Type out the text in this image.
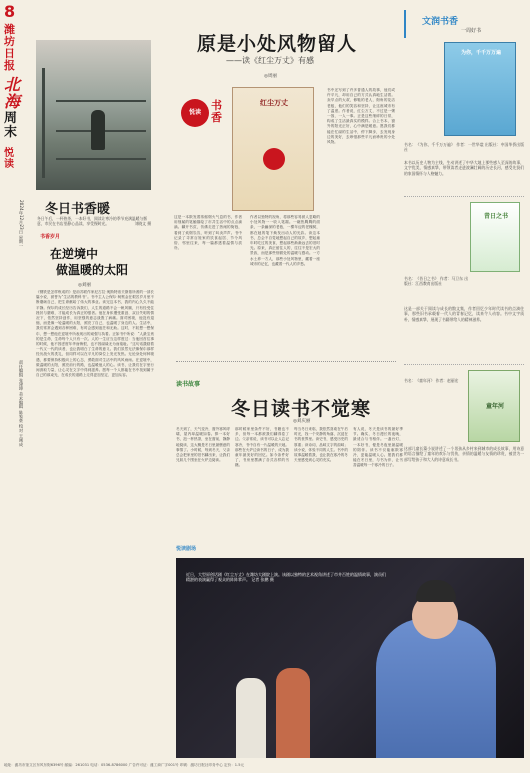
8
潍坊日报
北海
周末
悦读
2024年12月23日 星期一
责任编辑 张建坤 美术编辑 陈家豪 校对 王刚成
冬日书香暖
冬日午后，一杯热茶，一本好书，阅读让寒冷的季节充满温暖与惬意，市民在书店里静心品读，享受慢时光。	刘晓文 摄
书香岁月
在逆境中
做温暖的太阳
◎刘丽
《钢铁是怎样炼成的》是前苏联作家尼古拉·奥斯特洛夫斯基所著的一部长篇小说，被誉为“生活的教科书”。书中主人公保尔·柯察金在艰苦岁月里不断磨砺自己，把生命献给了伟大的事业。读完这本书，我的内心久久不能平静。保尔的成长经历告诉我们，人生的道路不会一帆风顺，只有经受住挫折与磨难，才能成长为真正的强者。他在身体遭受重创、双目失明的情况下，依然坚持创作，用坚强的意志战胜了病痛。面对困境，他没有退缩，而是像一轮温暖的太阳，照亮了自己，也温暖了身边的人。生活中，我们常常会遇到各种困难，有时会感到迷茫和无助。这时，不妨想一想保尔，想一想他在逆境中所表现出的顽强与执着。正如书中所说：“人最宝贵的是生命，生命每个人只有一次。人的一生应当这样度过：当他回首往事的时候，他不因虚度年华而悔恨，也不因碌碌无为而羞耻。”这句话激励着一代又一代的读者，也让我明白了生命的意义。我们虽然无法像保尔那样经历战火的洗礼，但同样可以在平凡的岗位上发光发热。无论身处何种境遇，都要保持积极向上的心态，勇敢面对生活中的风风雨雨。在逆境中，做温暖的太阳，照亮前行的路，也温暖他人的心。读书，让我们在字里行间汲取力量，让心灵在文字中得到滋养。愿每一个人都能在书中找到属于自己的那束光，在成长的道路上走得更加坚定、更加从容。
原是小处风物留人
——读《红尘万丈》有感
◎周丽
悦读
书香
这是一本散发着浓郁烟火气息的书，作者用细腻的笔触描绘了市井生活中的点点滴滴。翻开书页，仿佛走进了热闹的街巷，看到了炊烟袅袅，听到了叫卖声声。书中记录了寻常百姓家的饮食起居、节令风俗、邻里往来，每一篇都透着温情与质朴。
红尘万丈
作者以独特的视角，将那些容易被人忽略的小处风物一一收入笔端。一碗热腾腾的面条，一条幽深的老巷，一棵年迈的老槐树，都在她的笔下焕发出动人的光彩。读这本书，总会不自觉地想起自己的故乡，想起童年时吃过的美食，想起那些渐渐远去的旧时光。原来，真正留住人的，往往不是宏大的景致，而是那些细微处的温暖与感动。一方水土养一方人，那些小处风物里，藏着一座城市的记忆，也藏着一代人的乡愁。
书中还写到了许多普通人的故事，他们或许平凡，却用自己的方式认真地生活着。卖早点的大叔，修鞋的老人，街角的花店老板，他们的笑容和坚持，让这座城市有了温度。作者说，红尘万丈，不过是一粥一饭、一人一事。正是这些细碎的日常，构成了生活最真实的模样。合上书本，窗外的阳光正好，心中满是暖意。愿我们都能在忙碌的生活中，停下脚步，去发现身边的美好，去珍惜那些平凡而珍贵的小处风物。
文润书香
一周好书
为你，千千万万遍
书名：《为你，千千万万遍》 作者：一世华裳 出版社：中国华侨出版社
本书以历史人物为主线，生动讲述了中华大地上那些感人至深的故事，文字优美，情感真挚，带领读者走进波澜壮阔的历史长河，感受先贤们的家国情怀与人格魅力。
昔日之书
书名：《昔日之书》 作者：马卫东 出版社：江西教育出版社
这是一部关于阅读与成长的散文集，作者回忆少年时代读书的点滴往事，那些旧书承载着一代人的青春记忆，读来令人动容。书中文字质朴，情感真挚，展现了书籍带给人的精神滋养。
童年河
书名：《童年河》 作者：赵丽宏
这部儿童长篇小说讲述了一个男孩从乡村来到城市的成长故事，用诗意的语言描绘了童年的欢乐与忧伤，亲情的温暖与友情的珍贵，被誉为一部写给孩子和大人的诗意成长书。
读书故事
冬日读书不觉寒
◎刘庆丽
冬天到了，天气变冷，窗外寒风呼啸，屋内却温暖如春。捧一本好书，泡一杯热茶，坐在窗前，静静地阅读，这大概是冬日里最惬意的事情了。小时候，每到冬天，父亲总会把家里的旧书翻出来，让我们兄妹几个围坐在火炉边阅读。
那时候家里条件不好，书籍也不多，但每一本都被我们翻得卷了边。父亲常说，读书可以让人忘记寒冷，书中自有一片温暖的天地。那些在火炉边读书的日子，成为我童年最美好的回忆。如今条件好了，书房里摆满了各式各样的书籍。
每当冬日来临，我依然喜欢在午后时光，找一个安静的角落，沉浸在书的世界里。读史书，感受历史的厚重；读诗词，品味文字的韵味；读小说，体验不同的人生。书中的故事温暖着我，也让我在寒冷的冬天里感受到心灵的充实。
有人说，冬天是读书的最好季节。确实，冬日漫长的夜晚，最适合与书相伴。一盏台灯，一本好书，便是冬夜里最温暖的陪伴。读书不仅能驱散寒冷，更能温暖人心。愿我们都能在冬日里，与书为伴，让书香温暖每一个寒冷的日子。
悦读剧场
近日，大型原创话剧《红尘万丈》在潍坊大剧院上演。该剧以独特的艺术视角讲述了市井百姓的温情故事，演员们精湛的表演赢得了观众的阵阵掌声。 记者 张鹏 摄
地址：潍坊市奎文区东风东街6396号 邮编：261031 电话：0536-8786000 广告许可证：潍工商广字001号 印刷：潍坊日报社印务中心 定价：1.5元
